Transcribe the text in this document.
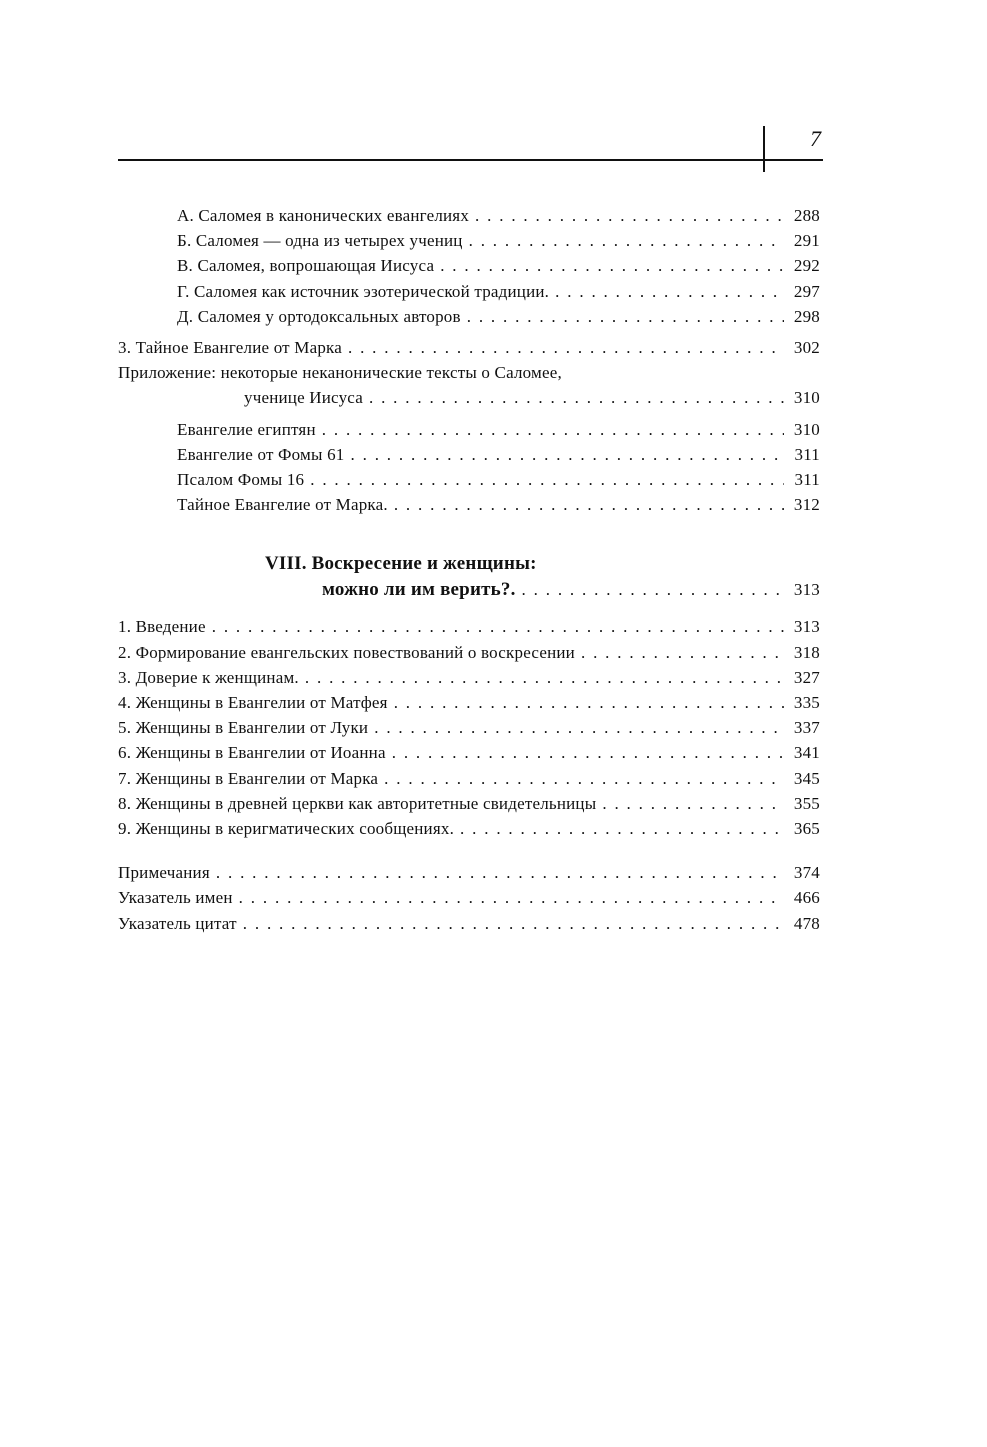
7
А. Саломея в канонических евангелиях . . .	288
Б. Саломея — одна из четырех учениц . . .	291
В. Саломея, вопрошающая Иисуса . . .	292
Г. Саломея как источник эзотерической традиции. . . .	297
Д. Саломея у ортодоксальных авторов . . .	298
3. Тайное Евангелие от Марка . . .	302
Приложение: некоторые неканонические тексты о Саломее,
ученице Иисуса . . .	310
Евангелие египтян . . .	310
Евангелие от Фомы 61 . . .	311
Псалом Фомы 16 . . .	311
Тайное Евангелие от Марка. . . .	312
VIII. Воскресение и женщины:
можно ли им верить?. . . .	313
1. Введение . . .	313
2. Формирование евангельских повествований о воскресении . . .	318
3. Доверие к женщинам. . . .	327
4. Женщины в Евангелии от Матфея . . .	335
5. Женщины в Евангелии от Луки . . .	337
6. Женщины в Евангелии от Иоанна . . .	341
7. Женщины в Евангелии от Марка . . .	345
8. Женщины в древней церкви как авторитетные свидетельницы . . .	355
9. Женщины в керигматических сообщениях. . . .	365
Примечания . . .	374
Указатель имен . . .	466
Указатель цитат . . .	478
